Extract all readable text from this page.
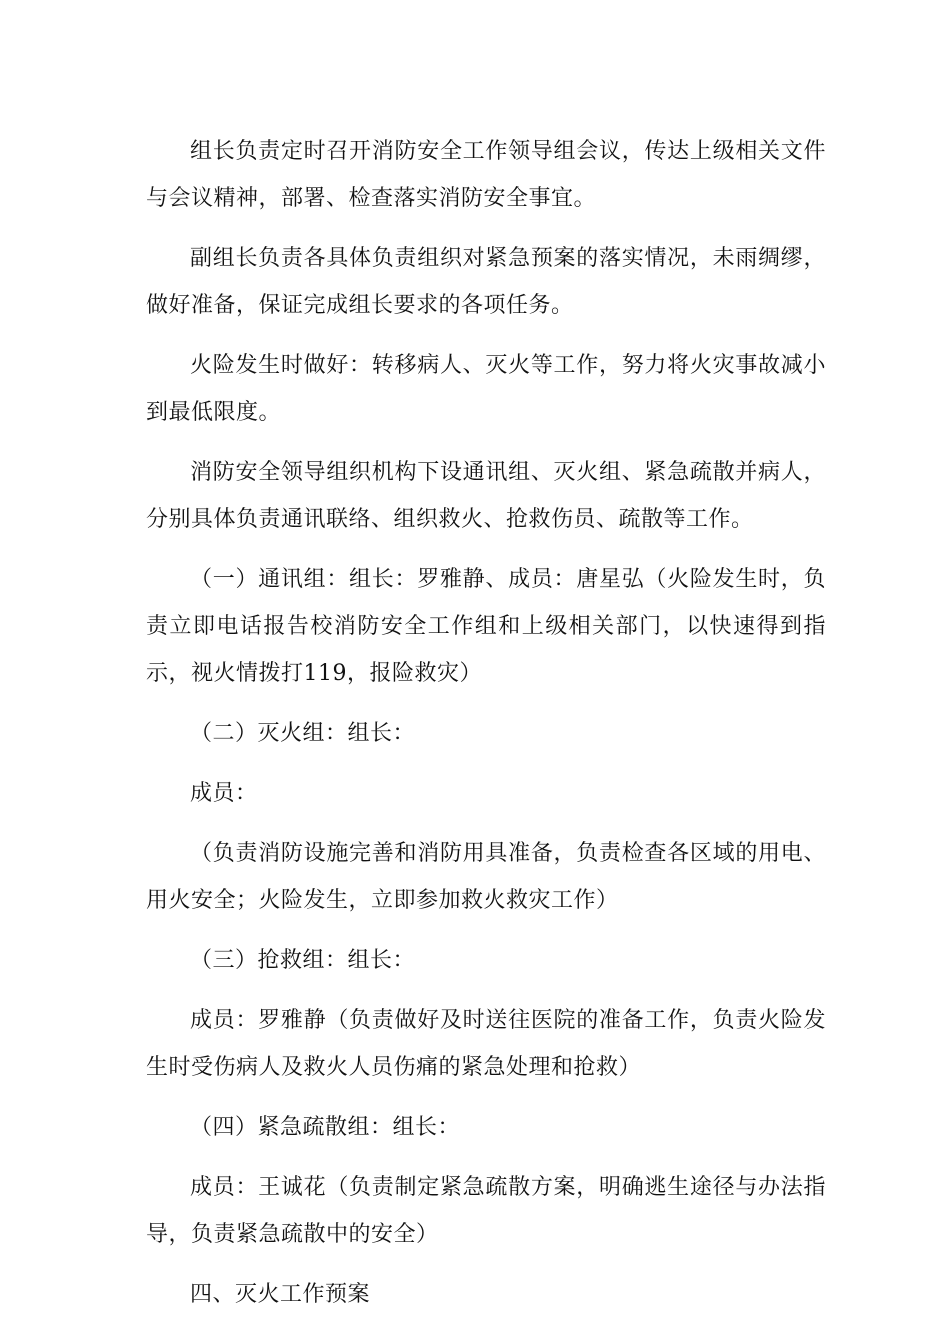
组长负责定时召开消防安全工作领导组会议，传达上级相关文件与会议精神，部署、检查落实消防安全事宜。

副组长负责各具体负责组织对紧急预案的落实情况，未雨绸缪，做好准备，保证完成组长要求的各项任务。

火险发生时做好：转移病人、灭火等工作，努力将火灾事故减小到最低限度。

消防安全领导组织机构下设通讯组、灭火组、紧急疏散并病人，分别具体负责通讯联络、组织救火、抢救伤员、疏散等工作。

（一）通讯组：组长：罗雅静、成员：唐星弘（火险发生时，负责立即电话报告校消防安全工作组和上级相关部门，以快速得到指示，视火情拨打119，报险救灾）

（二）灭火组：组长：

成员：

（负责消防设施完善和消防用具准备，负责检查各区域的用电、用火安全；火险发生，立即参加救火救灾工作）

（三）抢救组：组长：

成员：罗雅静（负责做好及时送往医院的准备工作，负责火险发生时受伤病人及救火人员伤痛的紧急处理和抢救）

（四）紧急疏散组：组长：

成员：王诚花（负责制定紧急疏散方案，明确逃生途径与办法指导，负责紧急疏散中的安全）

四、灭火工作预案
